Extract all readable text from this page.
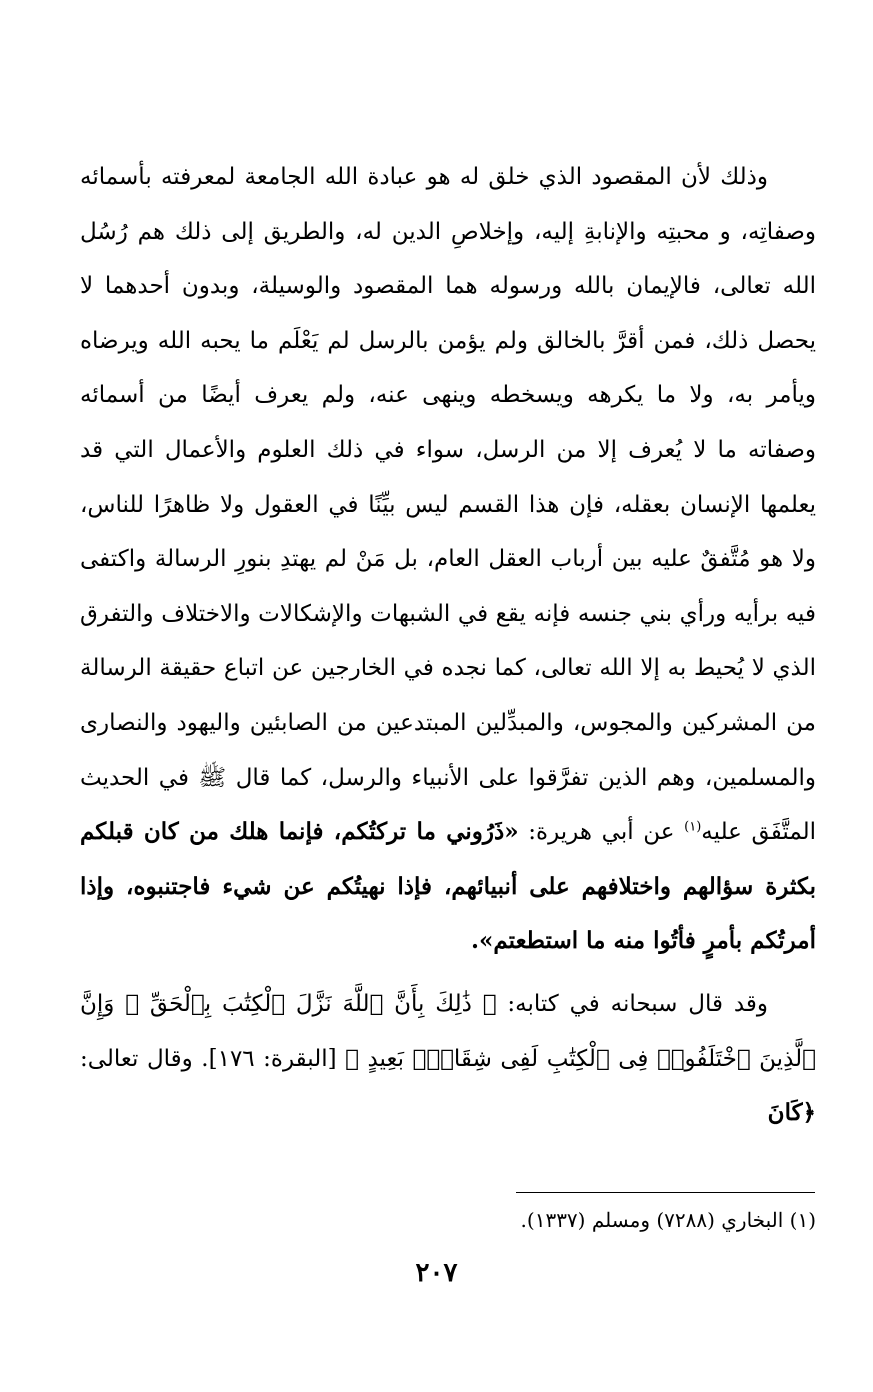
وذلك لأن المقصود الذي خلق له هو عبادة الله الجامعة لمعرفته بأسمائه وصفاتِه، و محبتِه والإنابةِ إليه، وإخلاصِ الدين له، والطريق إلى ذلك هم رُسُل الله تعالى، فالإيمان بالله ورسوله هما المقصود والوسيلة، وبدون أحدهما لا يحصل ذلك، فمن أقرَّ بالخالق ولم يؤمن بالرسل لم يَعْلَم ما يحبه الله ويرضاه ويأمر به، ولا ما يكرهه ويسخطه وينهى عنه، ولم يعرف أيضًا من أسمائه وصفاته ما لا يُعرف إلا من الرسل، سواء في ذلك العلوم والأعمال التي قد يعلمها الإنسان بعقله، فإن هذا القسم ليس بيِّنًا في العقول ولا ظاهرًا للناس، ولا هو مُتَّفقٌ عليه بين أرباب العقل العام، بل مَنْ لم يهتدِ بنورِ الرسالة واكتفى فيه برأيه ورأي بني جنسه فإنه يقع في الشبهات والإشكالات والاختلاف والتفرق الذي لا يُحيط به إلا الله تعالى، كما نجده في الخارجين عن اتباع حقيقة الرسالة من المشركين والمجوس، والمبدِّلين المبتدعين من الصابئين واليهود والنصارى والمسلمين، وهم الذين تفرَّقوا على الأنبياء والرسل، كما قال ﷺ في الحديث المتَّفَق عليه$^{(١)}$ عن أبي هريرة: «ذَرُوني ما تركتُكم، فإنما هلك من كان قبلكم بكثرة سؤالهم واختلافهم على أنبيائهم، فإذا نهيتُكم عن شيء فاجتنبوه، وإذا أمرتُكم بأمرٍ فأتُوا منه ما استطعتم».

وقد قال سبحانه في كتابه: ﴿ ذَٰلِكَ بِأَنَّ ٱللَّهَ نَزَّلَ ٱلْكِتَٰبَ بِٱلْحَقِّ ۗ وَإِنَّ ٱلَّذِينَ ٱخْتَلَفُوا۟ فِى ٱلْكِتَٰبِ لَفِى شِقَاقٍۭ بَعِيدٍ ﴾ [البقرة: ١٧٦]. وقال تعالى: ﴿كَانَ

(١) البخاري (٧٢٨٨) ومسلم (١٣٣٧).
٢٠٧
